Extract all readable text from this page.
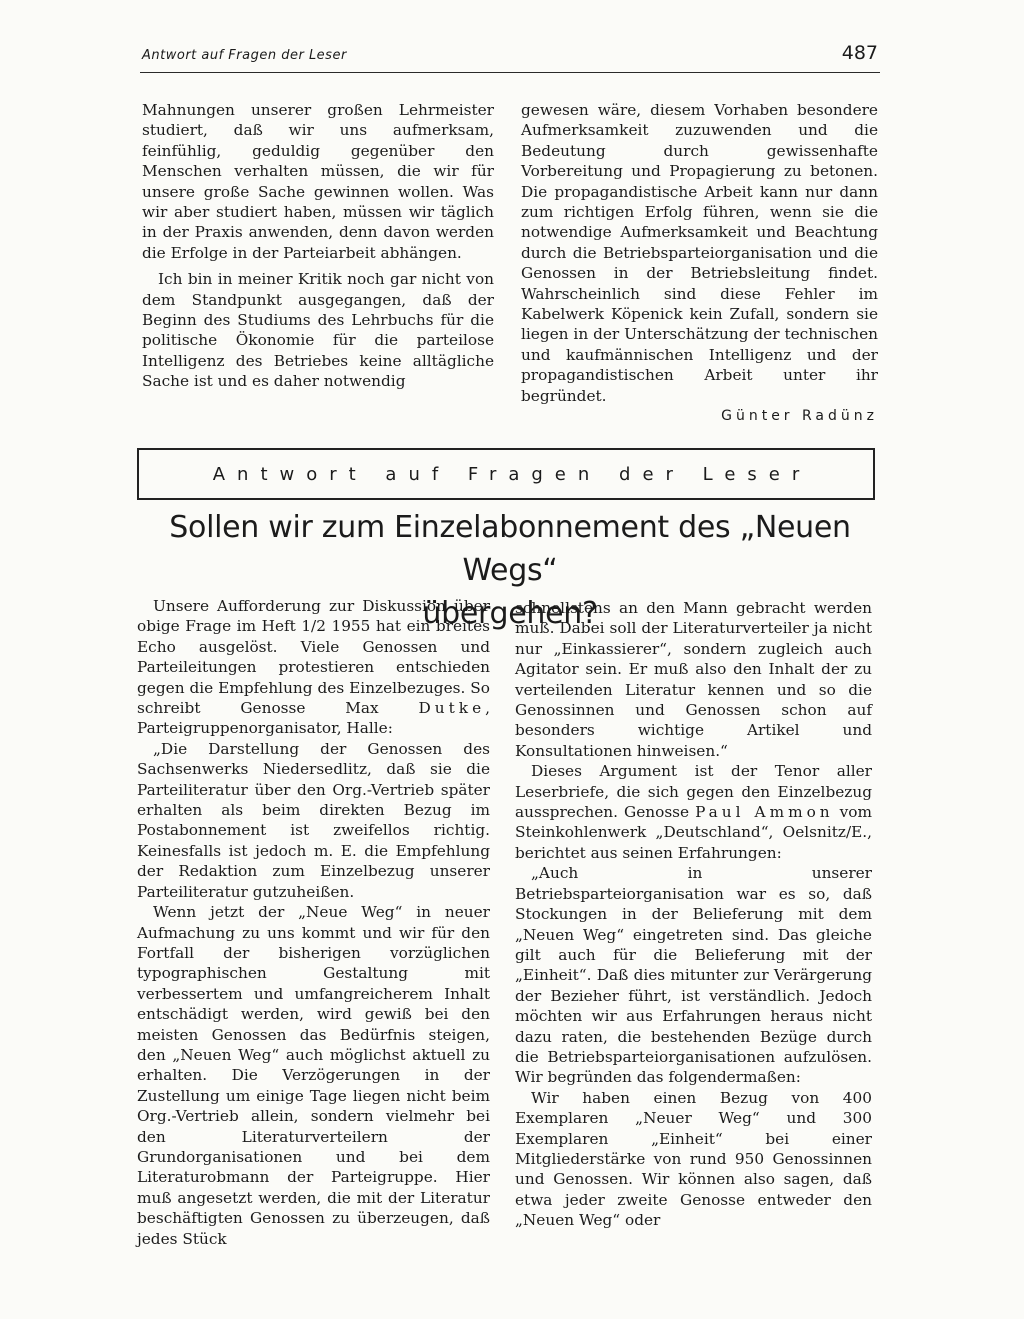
Antwort auf Fragen der Leser	487

Mahnungen unserer großen Lehrmeister studiert, daß wir uns aufmerksam, feinfühlig, geduldig gegenüber den Menschen verhalten müssen, die wir für unsere große Sache gewinnen wollen. Was wir aber studiert haben, müssen wir täglich in der Praxis anwenden, denn davon werden die Erfolge in der Parteiarbeit abhängen.

Ich bin in meiner Kritik noch gar nicht von dem Standpunkt ausgegangen, daß der Beginn des Studiums des Lehrbuchs für die politische Ökonomie für die parteilose Intelligenz des Betriebes keine alltägliche Sache ist und es daher notwendig

gewesen wäre, diesem Vorhaben besondere Aufmerksamkeit zuzuwenden und die Bedeutung durch gewissenhafte Vorbereitung und Propagierung zu betonen. Die propagandistische Arbeit kann nur dann zum richtigen Erfolg führen, wenn sie die notwendige Aufmerksamkeit und Beachtung durch die Betriebsparteiorganisation und die Genossen in der Betriebsleitung findet. Wahrscheinlich sind diese Fehler im Kabelwerk Köpenick kein Zufall, sondern sie liegen in der Unterschätzung der technischen und kaufmännischen Intelligenz und der propagandistischen Arbeit unter ihr begründet.

Günter Radünz
Antwort auf Fragen der Leser
Sollen wir zum Einzelabonnement des „Neuen Wegs“
übergehen?

Unsere Aufforderung zur Diskussion über obige Frage im Heft 1/2 1955 hat ein breites Echo ausgelöst. Viele Genossen und Parteileitungen protestieren entschieden gegen die Empfehlung des Einzelbezuges. So schreibt Genosse Max Dutke, Parteigruppenorganisator, Halle:

„Die Darstellung der Genossen des Sachsenwerks Niedersedlitz, daß sie die Parteiliteratur über den Org.-Vertrieb später erhalten als beim direkten Bezug im Postabonnement ist zweifellos richtig. Keinesfalls ist jedoch m. E. die Empfehlung der Redaktion zum Einzelbezug unserer Parteiliteratur gutzuheißen.

Wenn jetzt der „Neue Weg“ in neuer Aufmachung zu uns kommt und wir für den Fortfall der bisherigen vorzüglichen typographischen Gestaltung mit verbessertem und umfangreicherem Inhalt entschädigt werden, wird gewiß bei den meisten Genossen das Bedürfnis steigen, den „Neuen Weg“ auch möglichst aktuell zu erhalten. Die Verzögerungen in der Zustellung um einige Tage liegen nicht beim Org.-Vertrieb allein, sondern vielmehr bei den Literaturverteilern der Grundorganisationen und bei dem Literaturobmann der Parteigruppe. Hier muß angesetzt werden, die mit der Literatur beschäftigten Genossen zu überzeugen, daß jedes Stück

schnellstens an den Mann gebracht werden muß. Dabei soll der Literaturverteiler ja nicht nur „Einkassierer“, sondern zugleich auch Agitator sein. Er muß also den Inhalt der zu verteilenden Literatur kennen und so die Genossinnen und Genossen schon auf besonders wichtige Artikel und Konsultationen hinweisen.“

Dieses Argument ist der Tenor aller Leserbriefe, die sich gegen den Einzelbezug aussprechen. Genosse Paul Ammon vom Steinkohlenwerk „Deutschland“, Oelsnitz/E., berichtet aus seinen Erfahrungen:

„Auch in unserer Betriebsparteiorganisation war es so, daß Stockungen in der Belieferung mit dem „Neuen Weg“ eingetreten sind. Das gleiche gilt auch für die Belieferung mit der „Einheit“. Daß dies mitunter zur Verärgerung der Bezieher führt, ist verständlich. Jedoch möchten wir aus Erfahrungen heraus nicht dazu raten, die bestehenden Bezüge durch die Betriebsparteiorganisationen aufzulösen. Wir begründen das folgendermaßen:

Wir haben einen Bezug von 400 Exemplaren „Neuer Weg“ und 300 Exemplaren „Einheit“ bei einer Mitgliederstärke von rund 950 Genossinnen und Genossen. Wir können also sagen, daß etwa jeder zweite Genosse entweder den „Neuen Weg“ oder
